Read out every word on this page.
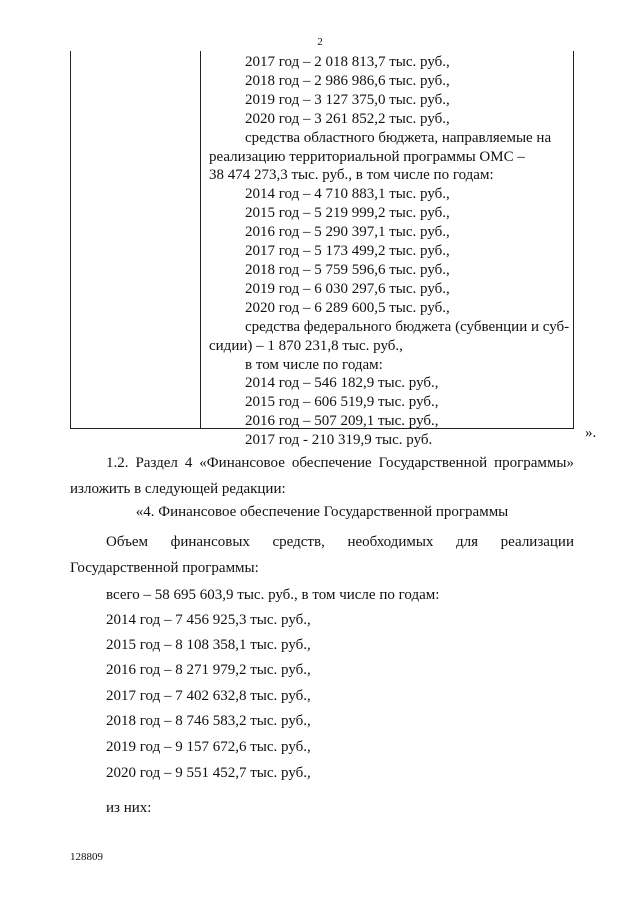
2
2017 год – 2 018 813,7 тыс. руб.,
2018 год – 2 986 986,6 тыс. руб.,
2019 год – 3 127 375,0 тыс. руб.,
2020 год – 3 261 852,2 тыс. руб.,
средства областного бюджета, направляемые на
реализацию территориальной программы ОМС –
38 474 273,3 тыс. руб., в том числе по годам:
2014 год – 4 710 883,1 тыс. руб.,
2015 год – 5 219 999,2 тыс. руб.,
2016 год – 5 290 397,1 тыс. руб.,
2017 год – 5 173 499,2 тыс. руб.,
2018 год – 5 759 596,6 тыс. руб.,
2019 год – 6 030 297,6 тыс. руб.,
2020 год – 6 289 600,5 тыс. руб.,
средства федерального бюджета (субвенции и суб-
сидии) – 1 870 231,8 тыс. руб.,
в том числе по годам:
2014 год – 546 182,9 тыс. руб.,
2015 год – 606 519,9 тыс. руб.,
2016 год – 507 209,1 тыс. руб.,
2017 год - 210 319,9 тыс. руб.	».
1.2. Раздел 4 «Финансовое обеспечение Государственной программы» изложить в следующей редакции:
«4. Финансовое обеспечение Государственной программы
Объем финансовых средств, необходимых для реализации Государственной программы:
всего – 58 695 603,9 тыс. руб., в том числе по годам:
2014 год – 7 456 925,3 тыс. руб.,
2015 год – 8 108 358,1 тыс. руб.,
2016 год – 8 271 979,2 тыс. руб.,
2017 год – 7 402 632,8 тыс. руб.,
2018 год – 8 746 583,2 тыс. руб.,
2019 год – 9 157 672,6 тыс. руб.,
2020 год – 9 551 452,7 тыс. руб.,
из них:
128809
